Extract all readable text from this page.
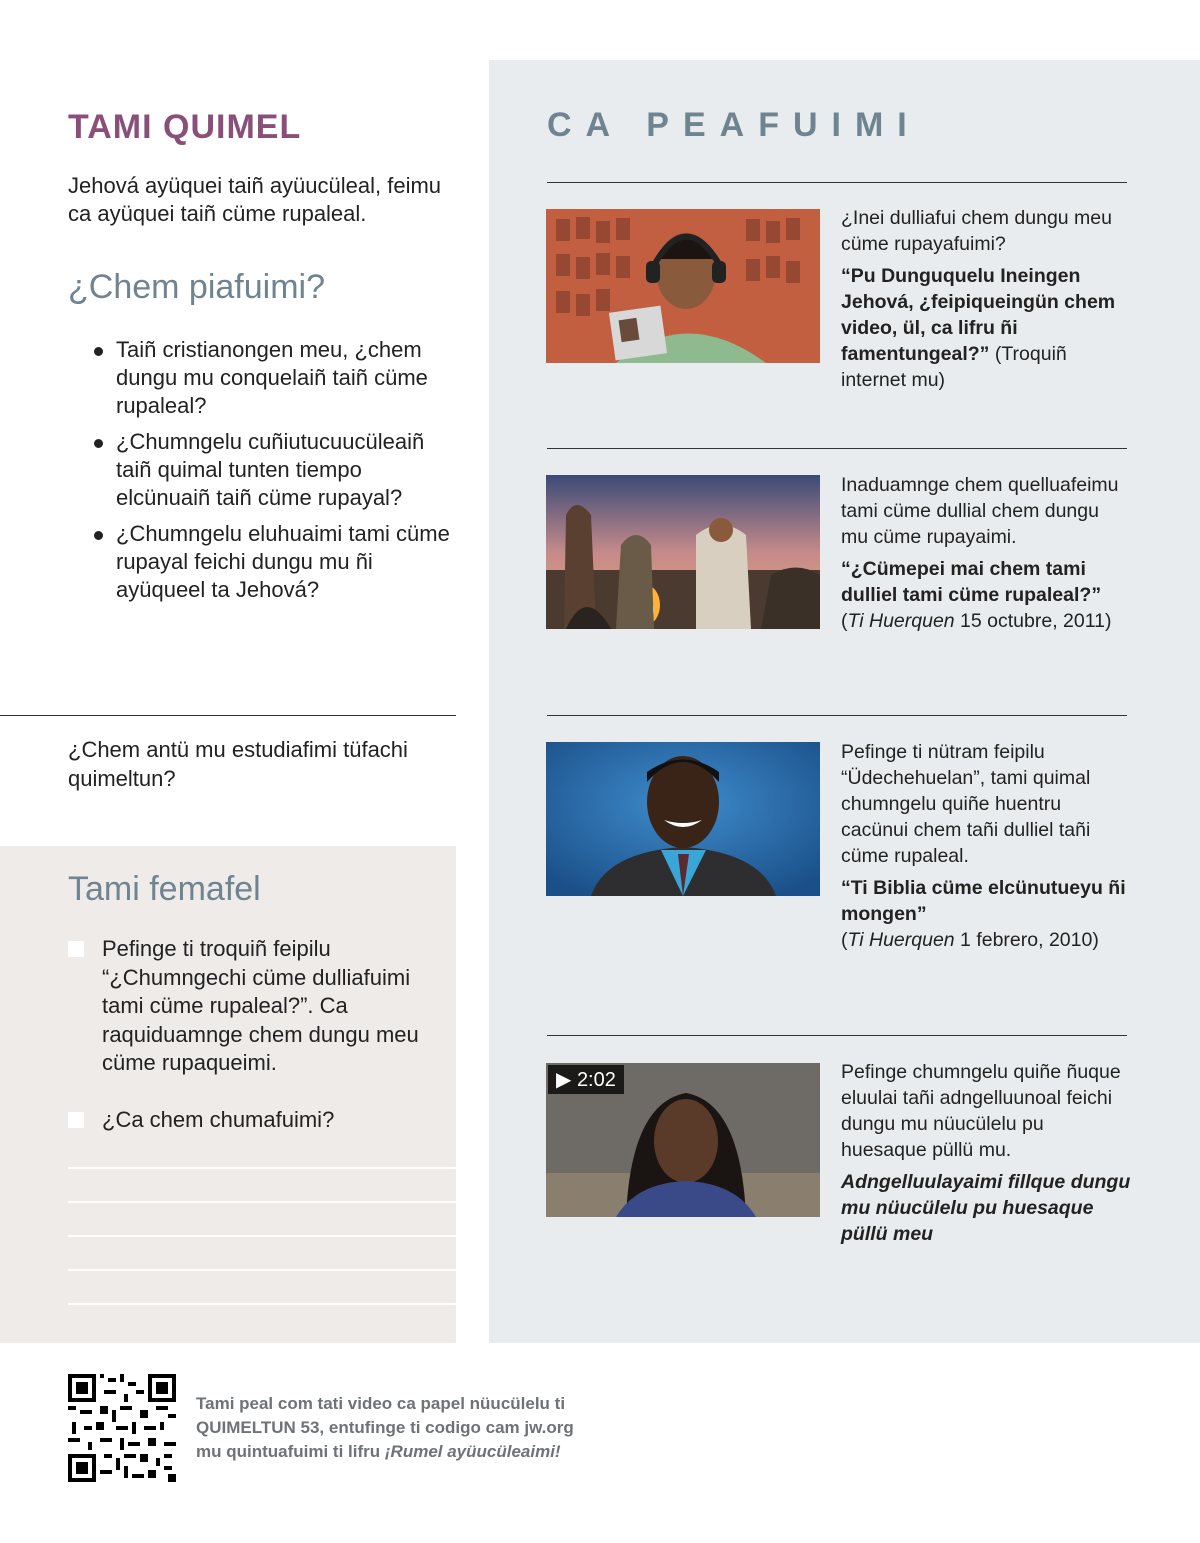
TAMI QUIMEL

Jehová ayüquei taiñ ayüucüleal, feimu ca ayüquei taiñ cüme rupaleal.

¿Chem piafuimi?
Taiñ cristianongen meu, ¿chem dungu mu conquelaiñ taiñ cüme rupaleal?
¿Chumngelu cuñiutucuucüleaiñ taiñ quimal tunten tiempo elcünuaiñ taiñ cüme rupayal?
¿Chumngelu eluhuaimi tami cüme rupayal feichi dungu mu ñi ayüqueel ta Jehová?

¿Chem antü mu estudiafimi tüfachi quimeltun?

Tami femafel
Pefinge ti troquiñ feipilu “¿Chumngechi cüme dulliafuimi tami cüme rupaleal?”. Ca raquiduamnge chem dungu meu cüme rupaqueimi.
¿Ca chem chumafuimi?
CA PEAFUIMI

¿Inei dulliafui chem dungu meu cüme rupayafuimi?

“Pu Dunguquelu Ineingen Jehová, ¿feipiqueingün chem video, ül, ca lifru ñi famentungeal?” (Troquiñ internet mu)

Inaduamnge chem quelluafeimu tami cüme dullial chem dungu mu cüme rupayaimi.

“¿Cümepei mai chem tami dulliel tami cüme rupaleal?”

(Ti Huerquen 15 octubre, 2011)

Pefinge ti nütram feipilu “Üdechehuelan”, tami quimal chumngelu quiñe huentru cacünui chem tañi dulliel tañi cüme rupaleal.

“Ti Biblia cüme elcünutueyu ñi mongen”

(Ti Huerquen 1 febrero, 2010)

▶ 2:02	Pefinge chumngelu quiñe ñuque eluulai tañi adngelluunoal feichi dungu mu nüucülelu pu huesaque püllü mu.

Adngelluulayaimi fillque dungu mu nüucülelu pu huesaque püllü meu

Tami peal com tati video ca papel nüucülelu ti QUIMELTUN 53, entufinge ti codigo cam jw.org mu quintuafuimi ti lifru ¡Rumel ayüucüleaimi!
